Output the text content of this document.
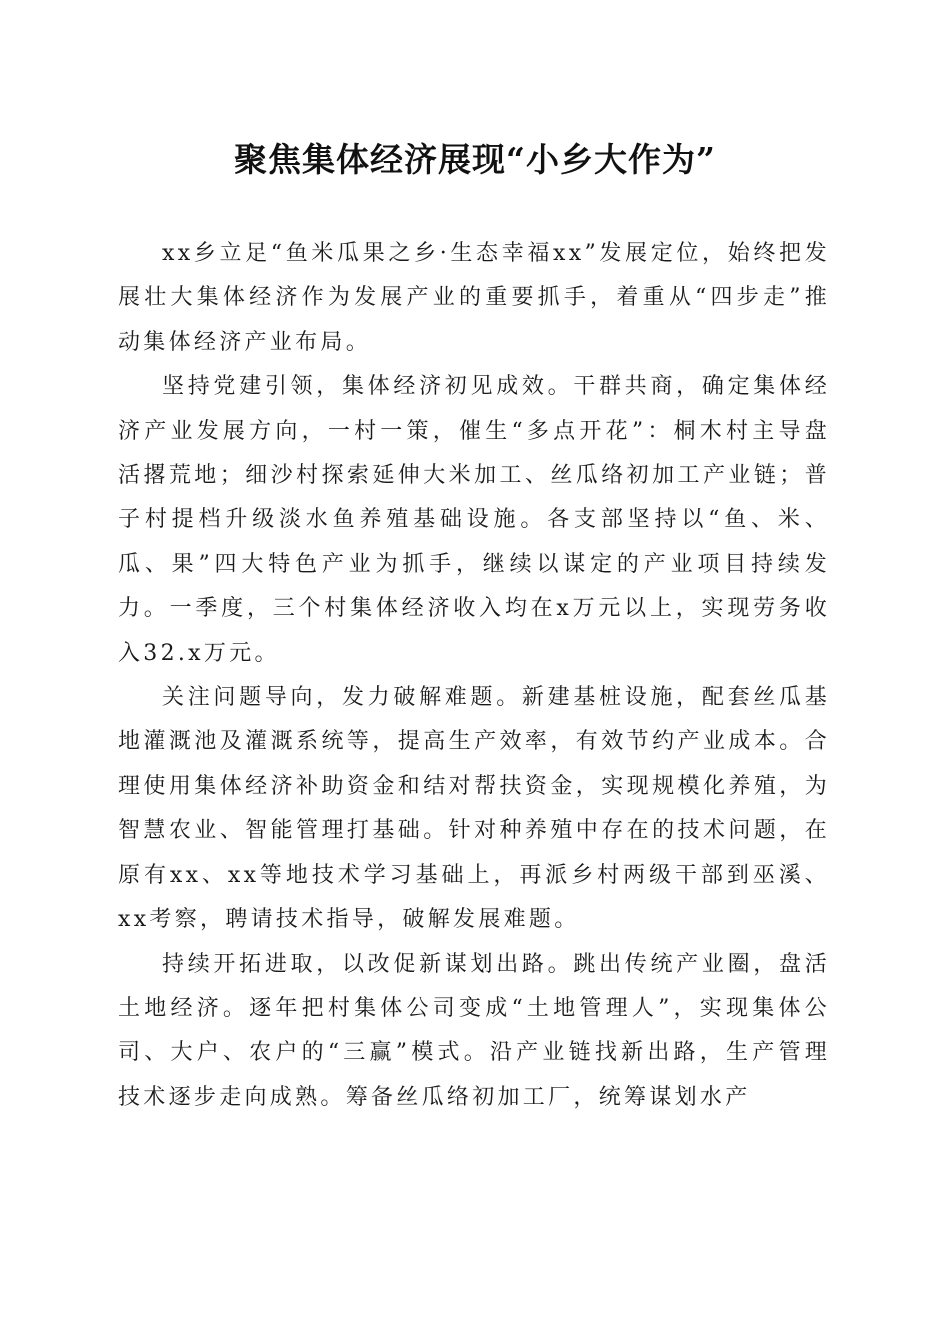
聚焦集体经济展现“小乡大作为”

xx乡立足“鱼米瓜果之乡·生态幸福xx”发展定位，始终把发展壮大集体经济作为发展产业的重要抓手，着重从“四步走”推动集体经济产业布局。

坚持党建引领，集体经济初见成效。干群共商，确定集体经济产业发展方向，一村一策，催生“多点开花”：桐木村主导盘活撂荒地；细沙村探索延伸大米加工、丝瓜络初加工产业链；普子村提档升级淡水鱼养殖基础设施。各支部坚持以“鱼、米、瓜、果”四大特色产业为抓手，继续以谋定的产业项目持续发力。一季度，三个村集体经济收入均在x万元以上，实现劳务收入32.x万元。

关注问题导向，发力破解难题。新建基桩设施，配套丝瓜基地灌溉池及灌溉系统等，提高生产效率，有效节约产业成本。合理使用集体经济补助资金和结对帮扶资金，实现规模化养殖，为智慧农业、智能管理打基础。针对种养殖中存在的技术问题，在原有xx、xx等地技术学习基础上，再派乡村两级干部到巫溪、xx考察，聘请技术指导，破解发展难题。

持续开拓进取，以改促新谋划出路。跳出传统产业圈，盘活土地经济。逐年把村集体公司变成“土地管理人”，实现集体公司、大户、农户的“三赢”模式。沿产业链找新出路，生产管理技术逐步走向成熟。筹备丝瓜络初加工厂，统筹谋划水产
